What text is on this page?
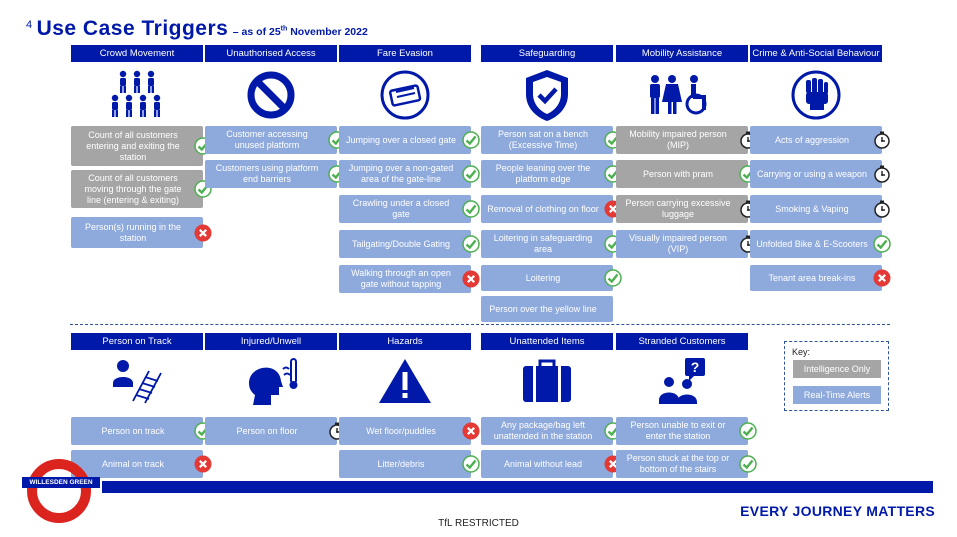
$^4$ Use Case Triggers – as of 25th November 2022
Crowd Movement
Count of all customers entering and exiting the station
Count of all customers moving through the gate line (entering & exiting)
Person(s) running in the station
Unauthorised Access
Customer accessing unused platform
Customers using platform end barriers
Fare Evasion
Jumping over a closed gate
Jumping over a non-gated area of the gate-line
Crawling under a closed gate
Tailgating/Double Gating
Walking through an open gate without tapping
Safeguarding
Person sat on a bench (Excessive Time)
People leaning over the platform edge
Removal of clothing on floor
Loitering in safeguarding area
Loitering
Person over the yellow line
Mobility Assistance
Mobility impaired person (MIP)
Person with pram
Person carrying excessive luggage
Visually impaired person (VIP)
Crime & Anti-Social Behaviour
Acts of aggression
Carrying or using a weapon
Smoking & Vaping
Unfolded Bike & E-Scooters
Tenant area break-ins
Person on Track
Person on track
Animal on track
Injured/Unwell
Person on floor
Hazards
Wet floor/puddles
Litter/debris
Unattended Items
Any package/bag left unattended in the station
Animal without lead
Stranded Customers
?
Person unable to exit or enter the station
Person stuck at the top or bottom of the stairs
Key:
Intelligence Only
Real-Time Alerts
WILLESDEN GREEN
EVERY JOURNEY MATTERS
TfL RESTRICTED
